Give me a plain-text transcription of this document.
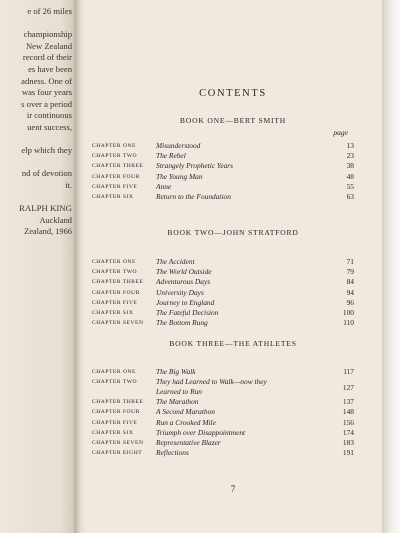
e of 26 miles
championship
New Zealand
record of their
es have been
adness. One of
was four years
s over a period
ir continuous
uent success,
elp which they
nd of devotion
it.
RALPH KING
Auckland
Zealand, 1966
CONTENTS
page
7
BOOK ONE—BERT SMITH
CHAPTER ONE	Misunderstood	13
CHAPTER TWO	The Rebel	23
CHAPTER THREE Strangely Prophetic Years	38
CHAPTER FOUR The Young Man	48
CHAPTER FIVE	Anne	55
CHAPTER SIX	Return to the Foundation	63
BOOK TWO—JOHN STRATFORD
CHAPTER ONE	The Accident	71
CHAPTER TWO	The World Outside	79
CHAPTER THREE Adventurous Days	84
CHAPTER FOUR University Days	94
CHAPTER FIVE	Journey to England	96
CHAPTER SIX	The Fateful Decision	100
CHAPTER SEVEN The Bottom Rung	110
BOOK THREE—THE ATHLETES
CHAPTER ONE	The Big Walk	117
CHAPTER TWO	They had Learned to Walk—now they
127
Learned to Run
CHAPTER THREE The Marathon	137
CHAPTER FOUR A Second Marathon	148
CHAPTER FIVE	Run a Crooked Mile	156
CHAPTER SIX	Triumph over Disappointment	174
CHAPTER SEVEN Representative Blazer	183
CHAPTER EIGHT Reflections	191
